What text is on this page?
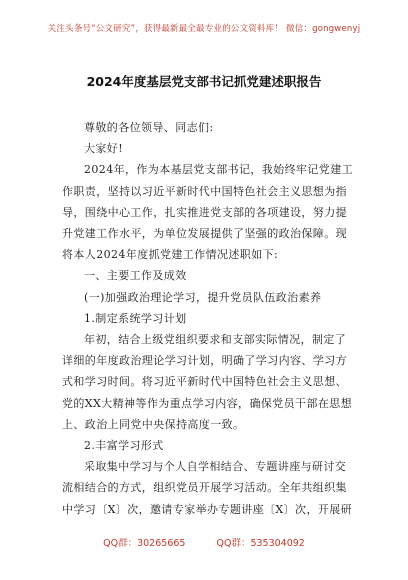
关注头条号“公文研究”，获得最新最全最专业的公文资料库！ 微信：gongwenyj
2024年度基层党支部书记抓党建述职报告
尊敬的各位领导、同志们:
大家好!
2024年，作为本基层党支部书记，我始终牢记党建工
作职责，坚持以习近平新时代中国特色社会主义思想为指
导，围绕中心工作，扎实推进党支部的各项建设，努力提
升党建工作水平，为单位发展提供了坚强的政治保障。现
将本人2024年度抓党建工作情况述职如下:
一、主要工作及成效
(一)加强政治理论学习，提升党员队伍政治素养
1.制定系统学习计划
年初，结合上级党组织要求和支部实际情况，制定了
详细的年度政治理论学习计划，明确了学习内容、学习方
式和学习时间。将习近平新时代中国特色社会主义思想、
党的XX大精神等作为重点学习内容，确保党员干部在思想
上、政治上同党中央保持高度一致。
2.丰富学习形式
采取集中学习与个人自学相结合、专题讲座与研讨交
流相结合的方式，组织党员开展学习活动。全年共组织集
中学习〔X〕次，邀请专家举办专题讲座〔X〕次，开展研
QQ群：30265665	QQ群：535304092
